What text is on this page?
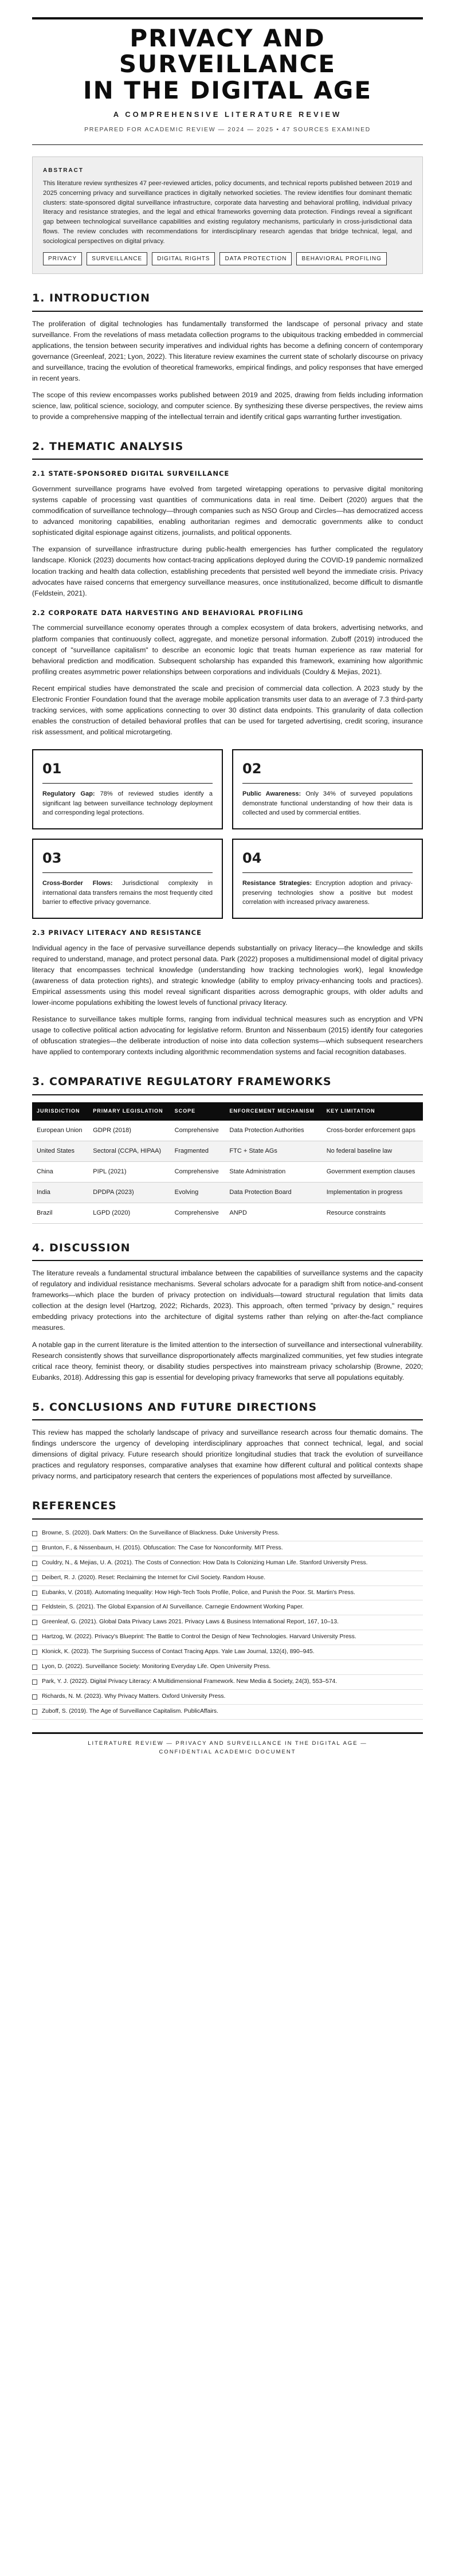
PRIVACY AND SURVEILLANCE
IN THE DIGITAL AGE
A COMPREHENSIVE LITERATURE REVIEW
PREPARED FOR ACADEMIC REVIEW — 2024 — 2025 • 47 SOURCES EXAMINED
ABSTRACT

This literature review synthesizes 47 peer-reviewed articles, policy documents, and technical reports published between 2019 and 2025 concerning privacy and surveillance practices in digitally networked societies. The review identifies four dominant thematic clusters: state-sponsored digital surveillance infrastructure, corporate data harvesting and behavioral profiling, individual privacy literacy and resistance strategies, and the legal and ethical frameworks governing data protection. Findings reveal a significant gap between technological surveillance capabilities and existing regulatory mechanisms, particularly in cross-jurisdictional data flows. The review concludes with recommendations for interdisciplinary research agendas that bridge technical, legal, and sociological perspectives on digital privacy.

PRIVACY	SURVEILLANCE	DIGITAL RIGHTS	DATA PROTECTION	BEHAVIORAL PROFILING
1. INTRODUCTION

The proliferation of digital technologies has fundamentally transformed the landscape of personal privacy and state surveillance. From the revelations of mass metadata collection programs to the ubiquitous tracking embedded in commercial applications, the tension between security imperatives and individual rights has become a defining concern of contemporary governance (Greenleaf, 2021; Lyon, 2022). This literature review examines the current state of scholarly discourse on privacy and surveillance, tracing the evolution of theoretical frameworks, empirical findings, and policy responses that have emerged in recent years.

The scope of this review encompasses works published between 2019 and 2025, drawing from fields including information science, law, political science, sociology, and computer science. By synthesizing these diverse perspectives, the review aims to provide a comprehensive mapping of the intellectual terrain and identify critical gaps warranting further investigation.

2. THEMATIC ANALYSIS
2.1 STATE-SPONSORED DIGITAL SURVEILLANCE

Government surveillance programs have evolved from targeted wiretapping operations to pervasive digital monitoring systems capable of processing vast quantities of communications data in real time. Deibert (2020) argues that the commodification of surveillance technology—through companies such as NSO Group and Circles—has democratized access to advanced monitoring capabilities, enabling authoritarian regimes and democratic governments alike to conduct sophisticated digital espionage against citizens, journalists, and political opponents.

The expansion of surveillance infrastructure during public-health emergencies has further complicated the regulatory landscape. Klonick (2023) documents how contact-tracing applications deployed during the COVID-19 pandemic normalized location tracking and health data collection, establishing precedents that persisted well beyond the immediate crisis. Privacy advocates have raised concerns that emergency surveillance measures, once institutionalized, become difficult to dismantle (Feldstein, 2021).

2.2 CORPORATE DATA HARVESTING AND BEHAVIORAL PROFILING

The commercial surveillance economy operates through a complex ecosystem of data brokers, advertising networks, and platform companies that continuously collect, aggregate, and monetize personal information. Zuboff (2019) introduced the concept of "surveillance capitalism" to describe an economic logic that treats human experience as raw material for behavioral prediction and modification. Subsequent scholarship has expanded this framework, examining how algorithmic profiling creates asymmetric power relationships between corporations and individuals (Couldry & Mejias, 2021).

Recent empirical studies have demonstrated the scale and precision of commercial data collection. A 2023 study by the Electronic Frontier Foundation found that the average mobile application transmits user data to an average of 7.3 third-party tracking services, with some applications connecting to over 30 distinct data endpoints. This granularity of data collection enables the construction of detailed behavioral profiles that can be used for targeted advertising, credit scoring, insurance risk assessment, and political microtargeting.

01

Regulatory Gap: 78% of reviewed studies identify a significant lag between surveillance technology deployment and corresponding legal protections.

02

Public Awareness: Only 34% of surveyed populations demonstrate functional understanding of how their data is collected and used by commercial entities.

03

Cross-Border Flows: Jurisdictional complexity in international data transfers remains the most frequently cited barrier to effective privacy governance.

04

Resistance Strategies: Encryption adoption and privacy-preserving technologies show a positive but modest correlation with increased privacy awareness.

2.3 PRIVACY LITERACY AND RESISTANCE

Individual agency in the face of pervasive surveillance depends substantially on privacy literacy—the knowledge and skills required to understand, manage, and protect personal data. Park (2022) proposes a multidimensional model of digital privacy literacy that encompasses technical knowledge (understanding how tracking technologies work), legal knowledge (awareness of data protection rights), and strategic knowledge (ability to employ privacy-enhancing tools and practices). Empirical assessments using this model reveal significant disparities across demographic groups, with older adults and lower-income populations exhibiting the lowest levels of functional privacy literacy.

Resistance to surveillance takes multiple forms, ranging from individual technical measures such as encryption and VPN usage to collective political action advocating for legislative reform. Brunton and Nissenbaum (2015) identify four categories of obfuscation strategies—the deliberate introduction of noise into data collection systems—which subsequent researchers have applied to contemporary contexts including algorithmic recommendation systems and facial recognition databases.

3. COMPARATIVE REGULATORY FRAMEWORKS
JURISDICTION	PRIMARY LEGISLATION	SCOPE	ENFORCEMENT MECHANISM	KEY LIMITATION
European Union	GDPR (2018)	Comprehensive	Data Protection Authorities	Cross-border enforcement gaps
United States	Sectoral (CCPA, HIPAA)	Fragmented	FTC + State AGs	No federal baseline law
China	PIPL (2021)	Comprehensive	State Administration	Government exemption clauses
India	DPDPA (2023)	Evolving	Data Protection Board	Implementation in progress
Brazil	LGPD (2020)	Comprehensive	ANPD	Resource constraints
4. DISCUSSION

The literature reveals a fundamental structural imbalance between the capabilities of surveillance systems and the capacity of regulatory and individual resistance mechanisms. Several scholars advocate for a paradigm shift from notice-and-consent frameworks—which place the burden of privacy protection on individuals—toward structural regulation that limits data collection at the design level (Hartzog, 2022; Richards, 2023). This approach, often termed "privacy by design," requires embedding privacy protections into the architecture of digital systems rather than relying on after-the-fact compliance measures.

A notable gap in the current literature is the limited attention to the intersection of surveillance and intersectional vulnerability. Research consistently shows that surveillance disproportionately affects marginalized communities, yet few studies integrate critical race theory, feminist theory, or disability studies perspectives into mainstream privacy scholarship (Browne, 2020; Eubanks, 2018). Addressing this gap is essential for developing privacy frameworks that serve all populations equitably.

5. CONCLUSIONS AND FUTURE DIRECTIONS

This review has mapped the scholarly landscape of privacy and surveillance research across four thematic domains. The findings underscore the urgency of developing interdisciplinary approaches that connect technical, legal, and social dimensions of digital privacy. Future research should prioritize longitudinal studies that track the evolution of surveillance practices and regulatory responses, comparative analyses that examine how different cultural and political contexts shape privacy norms, and participatory research that centers the experiences of populations most affected by surveillance.

REFERENCES
Browne, S. (2020). Dark Matters: On the Surveillance of Blackness. Duke University Press.
Brunton, F., & Nissenbaum, H. (2015). Obfuscation: The Case for Nonconformity. MIT Press.
Couldry, N., & Mejias, U. A. (2021). The Costs of Connection: How Data Is Colonizing Human Life. Stanford University Press.
Deibert, R. J. (2020). Reset: Reclaiming the Internet for Civil Society. Random House.
Eubanks, V. (2018). Automating Inequality: How High-Tech Tools Profile, Police, and Punish the Poor. St. Martin's Press.
Feldstein, S. (2021). The Global Expansion of AI Surveillance. Carnegie Endowment Working Paper.
Greenleaf, G. (2021). Global Data Privacy Laws 2021. Privacy Laws & Business International Report, 167, 10–13.
Hartzog, W. (2022). Privacy's Blueprint: The Battle to Control the Design of New Technologies. Harvard University Press.
Klonick, K. (2023). The Surprising Success of Contact Tracing Apps. Yale Law Journal, 132(4), 890–945.
Lyon, D. (2022). Surveillance Society: Monitoring Everyday Life. Open University Press.
Park, Y. J. (2022). Digital Privacy Literacy: A Multidimensional Framework. New Media & Society, 24(3), 553–574.
Richards, N. M. (2023). Why Privacy Matters. Oxford University Press.
Zuboff, S. (2019). The Age of Surveillance Capitalism. PublicAffairs.
LITERATURE REVIEW — PRIVACY AND SURVEILLANCE IN THE DIGITAL AGE —
CONFIDENTIAL ACADEMIC DOCUMENT
